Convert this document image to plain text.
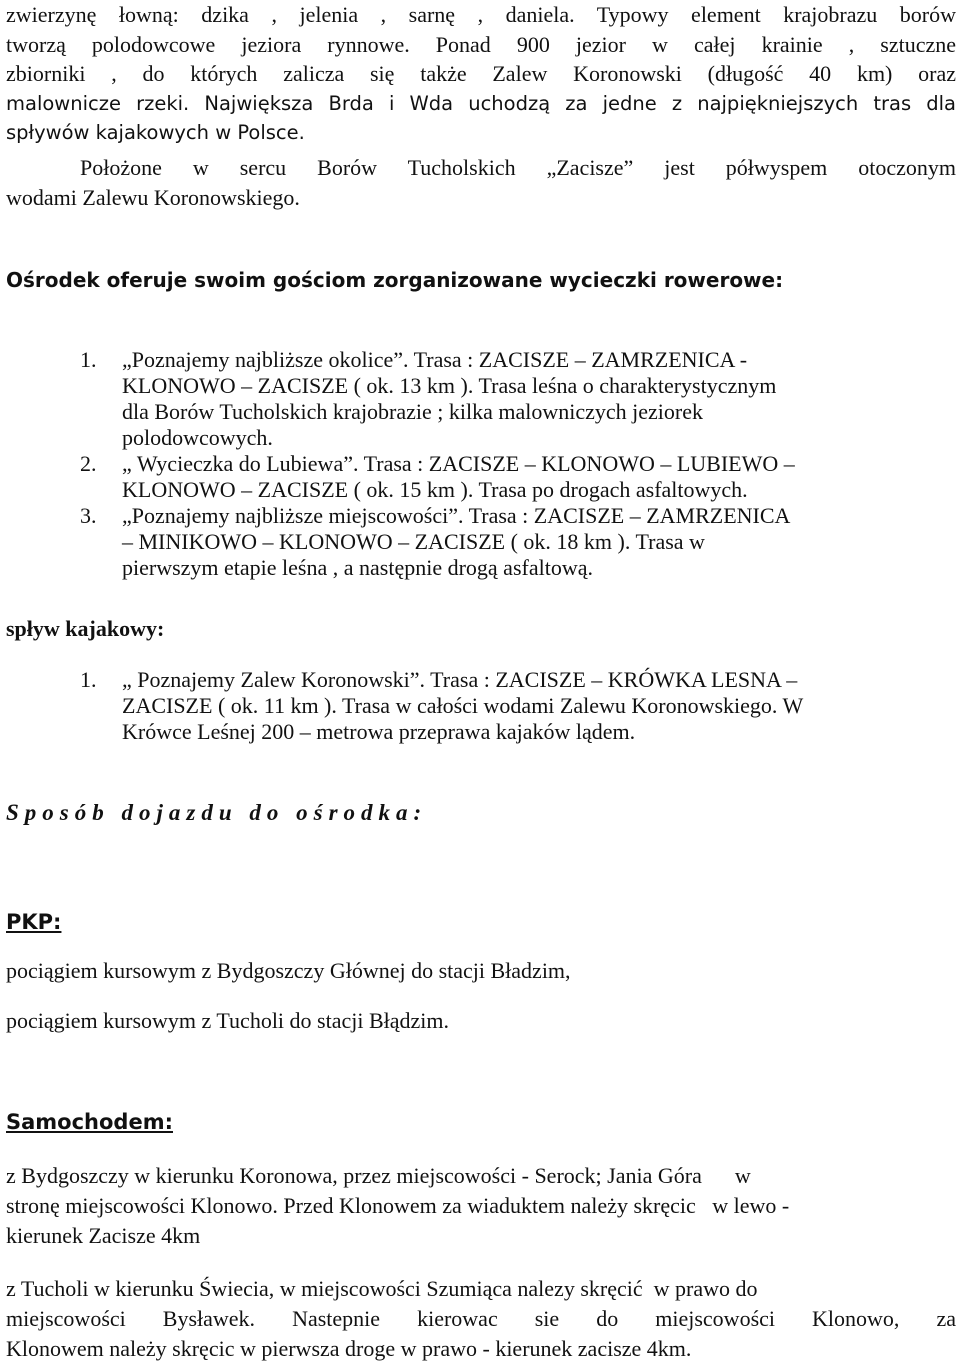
zwierzynę łowną: dzika , jelenia , sarnę , daniela. Typowy element krajobrazu borów
tworzą polodowcowe jeziora rynnowe. Ponad 900 jezior w całej krainie , sztuczne
zbiorniki , do których zalicza się także Zalew Koronowski (długość 40 km) oraz
malownicze rzeki. Największa Brda i Wda uchodzą za jedne z najpiękniejszych tras dla
spływów kajakowych w Polsce.
Położone w sercu Borów Tucholskich „Zacisze” jest półwyspem otoczonym
wodami Zalewu Koronowskiego.
Ośrodek oferuje swoim gościom zorganizowane wycieczki rowerowe:
1. „Poznajemy najbliższe okolice”. Trasa : ZACISZE – ZAMRZENICA -
KLONOWO – ZACISZE ( ok. 13 km ). Trasa leśna o charakterystycznym
dla Borów Tucholskich krajobrazie ; kilka malowniczych jeziorek
polodowcowych.
2. „ Wycieczka do Lubiewa”. Trasa : ZACISZE – KLONOWO – LUBIEWO –
KLONOWO – ZACISZE ( ok. 15 km ). Trasa po drogach asfaltowych.
3. „Poznajemy najbliższe miejscowości”. Trasa : ZACISZE – ZAMRZENICA
– MINIKOWO – KLONOWO – ZACISZE ( ok. 18 km ). Trasa w
pierwszym etapie leśna , a następnie drogą asfaltową.
spływ kajakowy:
1. „ Poznajemy Zalew Koronowski”. Trasa : ZACISZE – KRÓWKA LESNA –
ZACISZE ( ok. 11 km ). Trasa w całości wodami Zalewu Koronowskiego. W
Krówce Leśnej 200 – metrowa przeprawa kajaków lądem.
Sposób dojazdu do ośrodka:
PKP:
pociągiem kursowym z Bydgoszczy Głównej do stacji Bładzim,
pociągiem kursowym z Tucholi do stacji Błądzim.
Samochodem:
z Bydgoszczy w kierunku Koronowa, przez miejscowości - Serock; Jania Góra      w
stronę miejscowości Klonowo. Przed Klonowem za wiaduktem należy skręcic   w lewo -
kierunek Zacisze 4km
z Tucholi w kierunku Świecia, w miejscowości Szumiąca nalezy skręcić  w prawo do
miejscowości Bysławek. Nastepnie kierowac sie do miejscowości Klonowo, za
Klonowem należy skręcic w pierwsza droge w prawo - kierunek zacisze 4km.
